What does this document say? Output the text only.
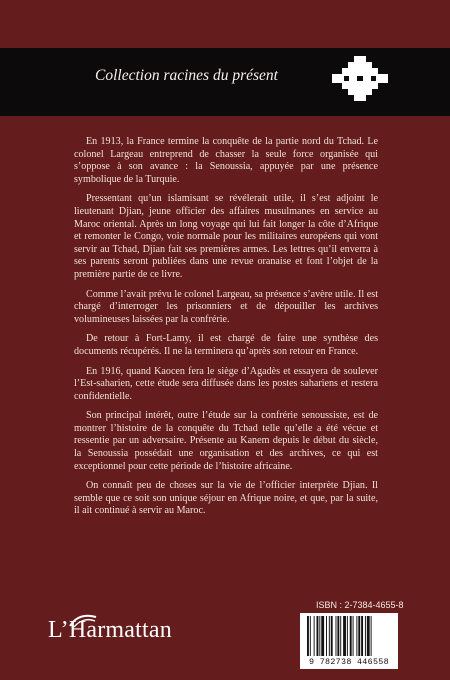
Collection racines du présent

En 1913, la France termine la conquête de la partie nord du Tchad. Le colonel Largeau entreprend de chasser la seule force organisée qui s’oppose à son avance : la Senoussia, appuyée par une présence symbolique de la Turquie.

Pressentant qu’un islamisant se révélerait utile, il s’est adjoint le lieutenant Djian, jeune officier des affaires musulmanes en service au Maroc oriental. Après un long voyage qui lui fait longer la côte d’Afrique et remonter le Congo, voie normale pour les militaires européens qui vont servir au Tchad, Djian fait ses premières armes. Les lettres qu’il enverra à ses parents seront publiées dans une revue oranaise et font l’objet de la première partie de ce livre.

Comme l’avait prévu le colonel Largeau, sa présence s’avère utile. Il est chargé d’interroger les prisonniers et de dépouiller les archives volumineuses laissées par la confrérie.

De retour à Fort-Lamy, il est chargé de faire une synthèse des documents récupérés. Il ne la terminera qu’après son retour en France.

En 1916, quand Kaocen fera le siège d’Agadès et essayera de soulever l’Est-saharien, cette étude sera diffusée dans les postes sahariens et restera confidentielle.

Son principal intérêt, outre l’étude sur la confrérie senoussiste, est de montrer l’histoire de la conquête du Tchad telle qu’elle a été vécue et ressentie par un adversaire. Présente au Kanem depuis le début du siècle, la Senoussia possédait une organisation et des archives, ce qui est exceptionnel pour cette période de l’histoire africaine.

On connaît peu de choses sur la vie de l’officier interprète Djian. Il semble que ce soit son unique séjour en Afrique noire, et que, par la suite, il ait continué à servir au Maroc.

L’Harmattan
ISBN : 2-7384-4655-8
9 782738 446558
